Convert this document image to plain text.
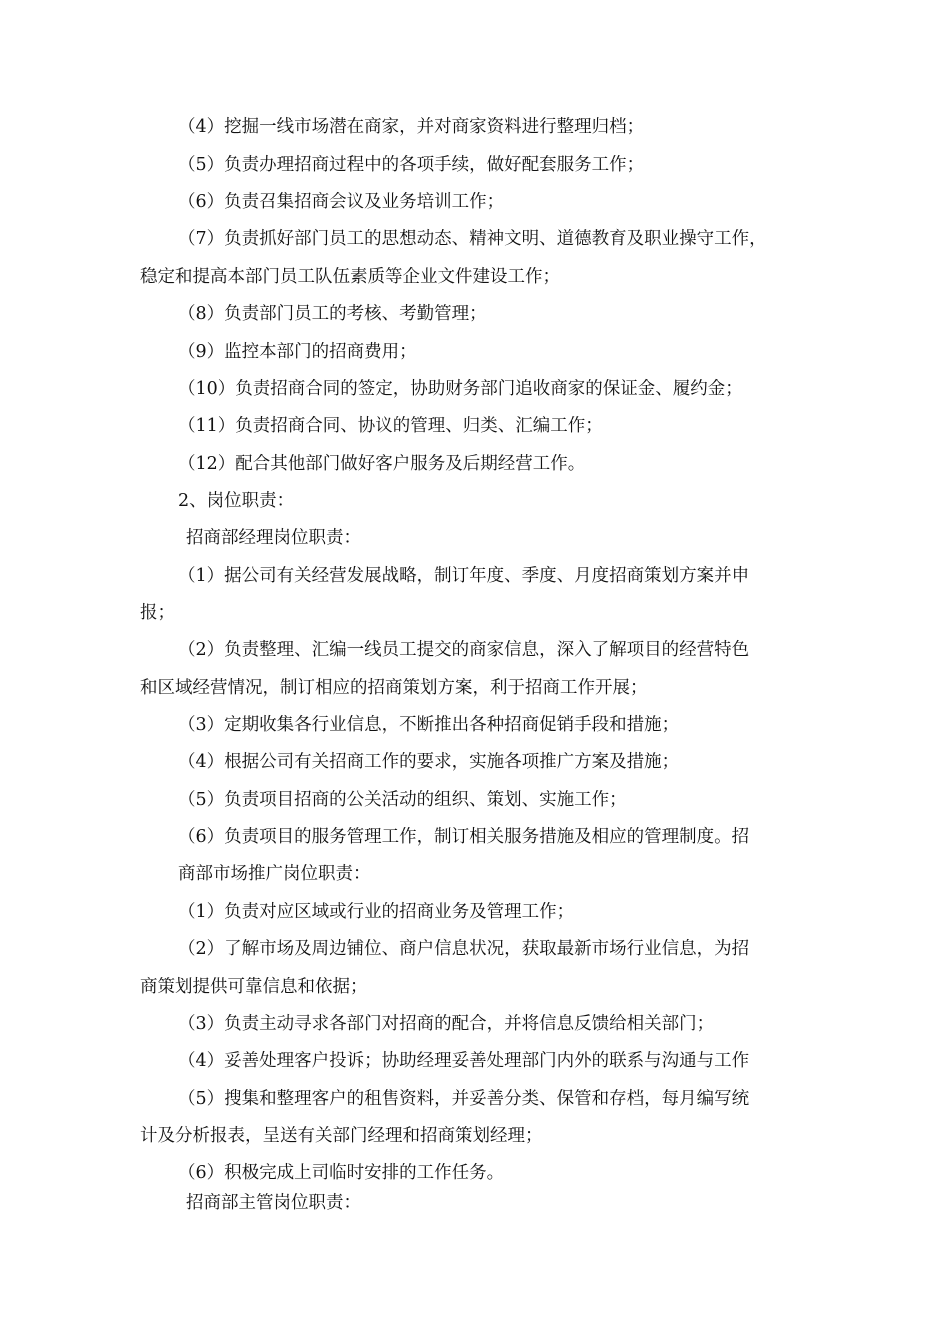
（4）挖掘一线市场潜在商家，并对商家资料进行整理归档；
（5）负责办理招商过程中的各项手续，做好配套服务工作；
（6）负责召集招商会议及业务培训工作；
（7）负责抓好部门员工的思想动态、精神文明、道德教育及职业操守工作，
稳定和提高本部门员工队伍素质等企业文件建设工作；
（8）负责部门员工的考核、考勤管理；
（9）监控本部门的招商费用；
（10）负责招商合同的签定，协助财务部门追收商家的保证金、履约金；
（11）负责招商合同、协议的管理、归类、汇编工作；
（12）配合其他部门做好客户服务及后期经营工作。
2、岗位职责：
招商部经理岗位职责：
（1）据公司有关经营发展战略，制订年度、季度、月度招商策划方案并申
报；
（2）负责整理、汇编一线员工提交的商家信息，深入了解项目的经营特色
和区域经营情况，制订相应的招商策划方案，利于招商工作开展；
（3）定期收集各行业信息，不断推出各种招商促销手段和措施；
（4）根据公司有关招商工作的要求，实施各项推广方案及措施；
（5）负责项目招商的公关活动的组织、策划、实施工作；
（6）负责项目的服务管理工作，制订相关服务措施及相应的管理制度。招
商部市场推广岗位职责：
（1）负责对应区域或行业的招商业务及管理工作；
（2）了解市场及周边铺位、商户信息状况，获取最新市场行业信息，为招
商策划提供可靠信息和依据；
（3）负责主动寻求各部门对招商的配合，并将信息反馈给相关部门；
（4）妥善处理客户投诉；协助经理妥善处理部门内外的联系与沟通与工作
（5）搜集和整理客户的租售资料，并妥善分类、保管和存档，每月编写统
计及分析报表，呈送有关部门经理和招商策划经理；
（6）积极完成上司临时安排的工作任务。
招商部主管岗位职责：
